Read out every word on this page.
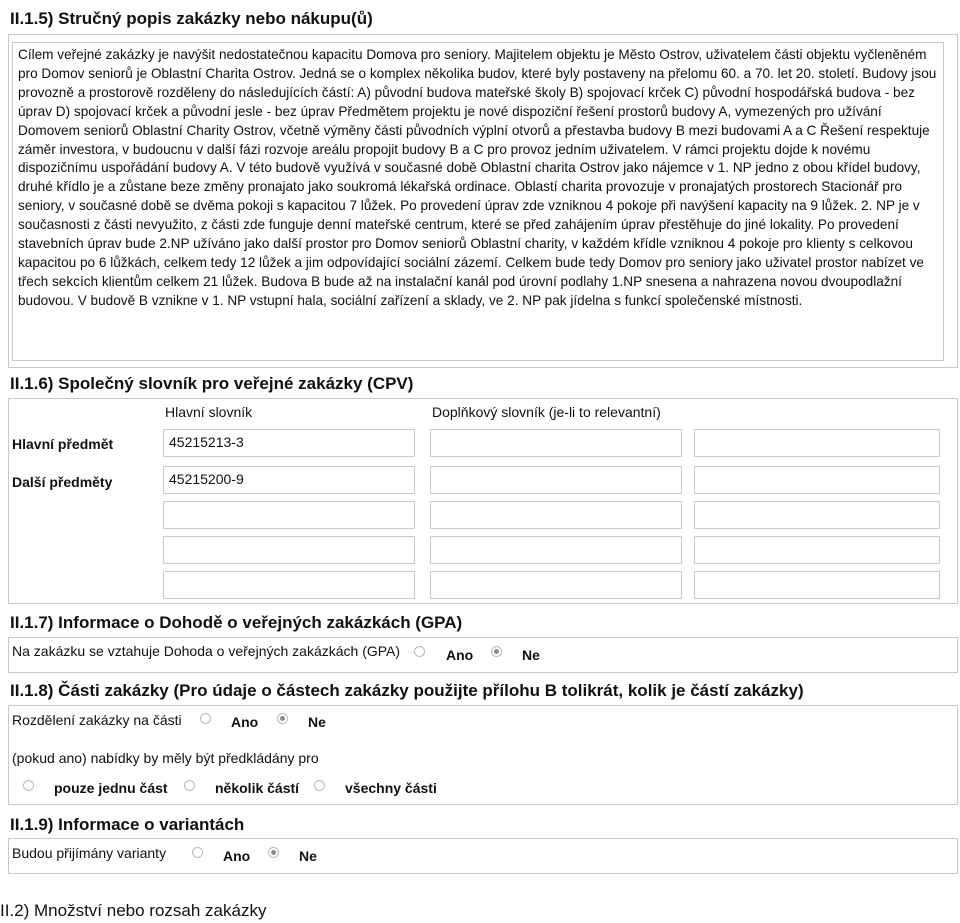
II.1.5) Stručný popis zakázky nebo nákupu(ů)
Cílem veřejné zakázky je navýšit nedostatečnou kapacitu Domova pro seniory. Majitelem objektu je Město Ostrov, uživatelem části objektu vyčleněném pro Domov seniorů je Oblastní Charita Ostrov. Jedná se o komplex několika budov, které byly postaveny na přelomu 60. a 70. let 20. století. Budovy jsou provozně a prostorově rozděleny do následujících částí: A) původní budova mateřské školy B) spojovací krček C) původní hospodářská budova - bez úprav D) spojovací krček a původní jesle - bez úprav Předmětem projektu je nové dispoziční řešení prostorů budovy A, vymezených pro užívání Domovem seniorů Oblastní Charity Ostrov, včetně výměny části původních výplní otvorů a přestavba budovy B mezi budovami A a C Řešení respektuje záměr investora, v budoucnu v další fázi rozvoje areálu propojit budovy B a C pro provoz jedním uživatelem. V rámci projektu dojde k novému dispozičnímu uspořádání budovy A. V této budově využívá v současné době Oblastní charita Ostrov jako nájemce v 1. NP jedno z obou křídel budovy, druhé křídlo je a zůstane beze změny pronajato jako soukromá lékařská ordinace. Oblastí charita provozuje v pronajatých prostorech Stacionář pro seniory, v současné době se dvěma pokoji s kapacitou 7 lůžek. Po provedení úprav zde vzniknou 4 pokoje při navýšení kapacity na 9 lůžek. 2. NP je v současnosti z části nevyužito, z části zde funguje denní mateřské centrum, které se před zahájením úprav přestěhuje do jiné lokality. Po provedení stavebních úprav bude 2.NP užíváno jako další prostor pro Domov seniorů Oblastní charity, v každém křídle vzniknou 4 pokoje pro klienty s celkovou kapacitou po 6 lůžkách, celkem tedy 12 lůžek a jim odpovídající sociální zázemí. Celkem bude tedy Domov pro seniory jako uživatel prostor nabízet ve třech sekcích klientům celkem 21 lůžek. Budova B bude až na instalační kanál pod úrovní podlahy 1.NP snesena a nahrazena novou dvoupodlažní budovou. V budově B vznikne v 1. NP vstupní hala, sociální zařízení a sklady, ve 2. NP pak jídelna s funkcí společenské místnosti.
II.1.6) Společný slovník pro veřejné zakázky (CPV)
Hlavní slovník	Doplňkový slovník (je-li to relevantní)
Hlavní předmět	45215213-3
Další předměty	45215200-9
II.1.7) Informace o Dohodě o veřejných zakázkách (GPA)
Na zakázku se vztahuje Dohoda o veřejných zakázkách (GPA)	Ano	Ne
II.1.8) Části zakázky (Pro údaje o částech zakázky použijte přílohu B tolikrát, kolik je částí zakázky)
Rozdělení zakázky na části	Ano	Ne
(pokud ano) nabídky by měly být předkládány pro
pouze jednu část	několik částí	všechny části
II.1.9) Informace o variantách
Budou přijímány varianty	Ano	Ne
II.2) Množství nebo rozsah zakázky
